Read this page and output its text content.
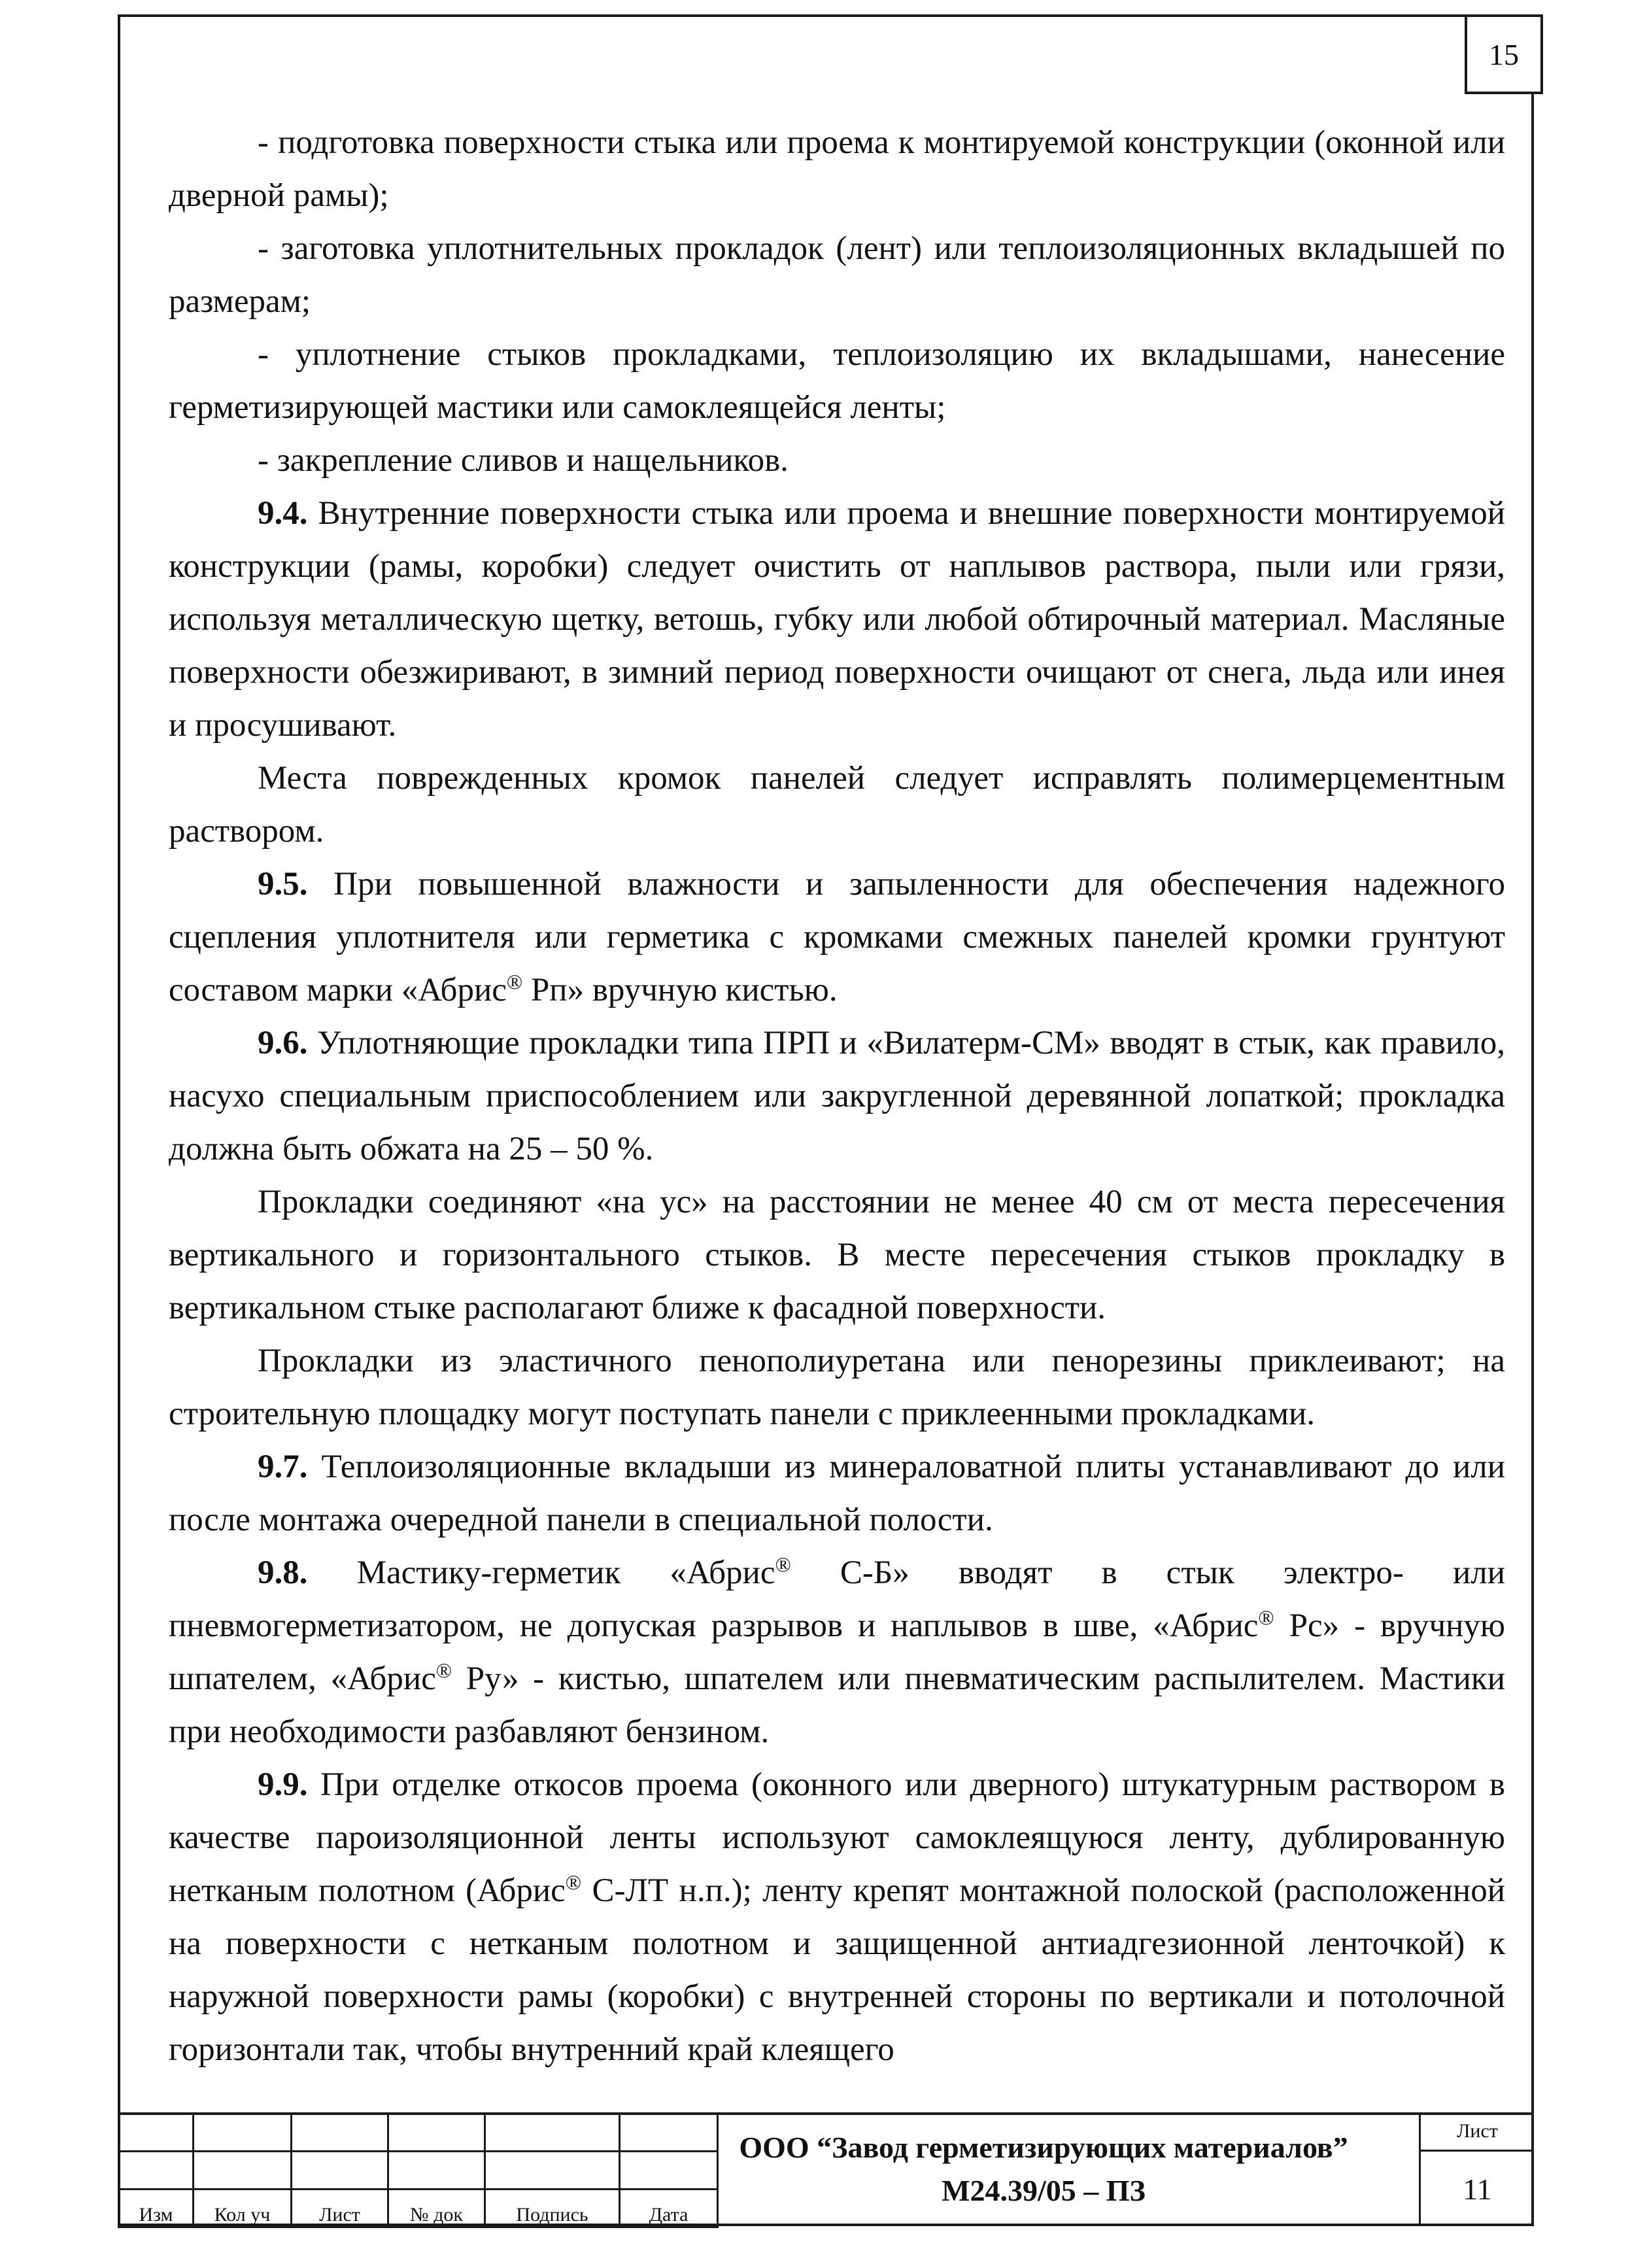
15

- подготовка поверхности стыка или проема к монтируемой конструкции (оконной или дверной рамы);

- заготовка уплотнительных прокладок (лент) или теплоизоляционных вкладышей по размерам;

- уплотнение стыков прокладками, теплоизоляцию их вкладышами, нанесение герметизирующей мастики или самоклеящейся ленты;

- закрепление сливов и нащельников.

9.4. Внутренние поверхности стыка или проема и внешние поверхности монтируемой конструкции (рамы, коробки) следует очистить от наплывов раствора, пыли или грязи, используя металлическую щетку, ветошь, губку или любой обтирочный материал. Масляные поверхности обезжиривают, в зимний период поверхности очищают от снега, льда или инея и просушивают.

Места поврежденных кромок панелей следует исправлять полимерцементным раствором.

9.5. При повышенной влажности и запыленности для обеспечения надежного сцепления уплотнителя или герметика с кромками смежных панелей кромки грунтуют составом марки «Абрис® Рп» вручную кистью.

9.6. Уплотняющие прокладки типа ПРП и «Вилатерм-СМ» вводят в стык, как правило, насухо специальным приспособлением или закругленной деревянной лопаткой; прокладка должна быть обжата на 25 – 50 %.

Прокладки соединяют «на ус» на расстоянии не менее 40 см от места пересечения вертикального и горизонтального стыков. В месте пересечения стыков прокладку в вертикальном стыке располагают ближе к фасадной поверхности.

Прокладки из эластичного пенополиуретана или пенорезины приклеивают; на строительную площадку могут поступать панели с приклеенными прокладками.

9.7. Теплоизоляционные вкладыши из минераловатной плиты устанавливают до или после монтажа очередной панели в специальной полости.

9.8. Мастику-герметик «Абрис® С-Б» вводят в стык электро- или пневмогерметизатором, не допуская разрывов и наплывов в шве, «Абрис® Рс» - вручную шпателем, «Абрис® Ру» - кистью, шпателем или пневматическим распылителем. Мастики при необходимости разбавляют бензином.

9.9. При отделке откосов проема (оконного или дверного) штукатурным раствором в качестве пароизоляционной ленты используют самоклеящуюся ленту, дублированную нетканым полотном (Абрис® С-ЛТ н.п.); ленту крепят монтажной полоской (расположенной на поверхности с нетканым полотном и защищенной антиадгезионной ленточкой) к наружной поверхности рамы (коробки) с внутренней стороны по вертикали и потолочной горизонтали так, чтобы внутренний край клеящего

Изм	Кол уч	Лист	№ док	Подпись	Дата
ООО “Завод герметизирующих материалов”
М24.39/05 – ПЗ
Лист
11
